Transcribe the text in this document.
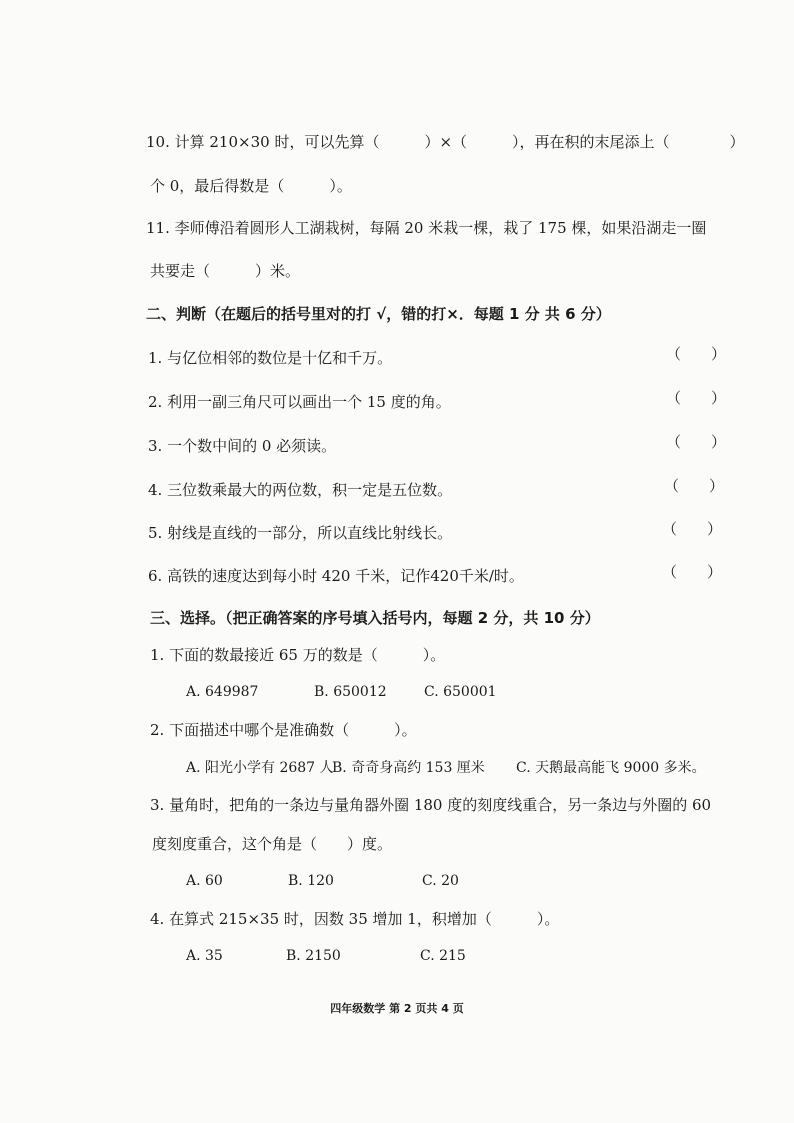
10. 计算 210×30 时，可以先算（　　　）×（　　　），再在积的末尾添上（　　　　）
个 0，最后得数是（　　　）。
11. 李师傅沿着圆形人工湖栽树，每隔 20 米栽一棵，栽了 175 棵，如果沿湖走一圈
共要走（　　　）米。
二、判断（在题后的括号里对的打 √，错的打×．每题 1 分 共 6 分）
1. 与亿位相邻的数位是十亿和千万。	（　　）
2. 利用一副三角尺可以画出一个 15 度的角。	（　　）
3. 一个数中间的 0 必须读。	（　　）
4. 三位数乘最大的两位数，积一定是五位数。	（　　）
5. 射线是直线的一部分，所以直线比射线长。	（　　）
6. 高铁的速度达到每小时 420 千米，记作420千米/时。	（　　）
三、选择。（把正确答案的序号填入括号内，每题 2 分，共 10 分）
1. 下面的数最接近 65 万的数是（　　　）。
A. 649987	B. 650012	C. 650001
2. 下面描述中哪个是准确数（　　　）。
A. 阳光小学有 2687 人
B. 奇奇身高约 153 厘米 C. 天鹅最高能飞 9000 多米。
3. 量角时，把角的一条边与量角器外圈 180 度的刻度线重合，另一条边与外圈的 60
度刻度重合，这个角是（　　）度。
A. 60	B. 120	C. 20
4. 在算式 215×35 时，因数 35 增加 1，积增加（　　　）。
A. 35	B. 2150	C. 215
四年级数学 第 2 页共 4 页
